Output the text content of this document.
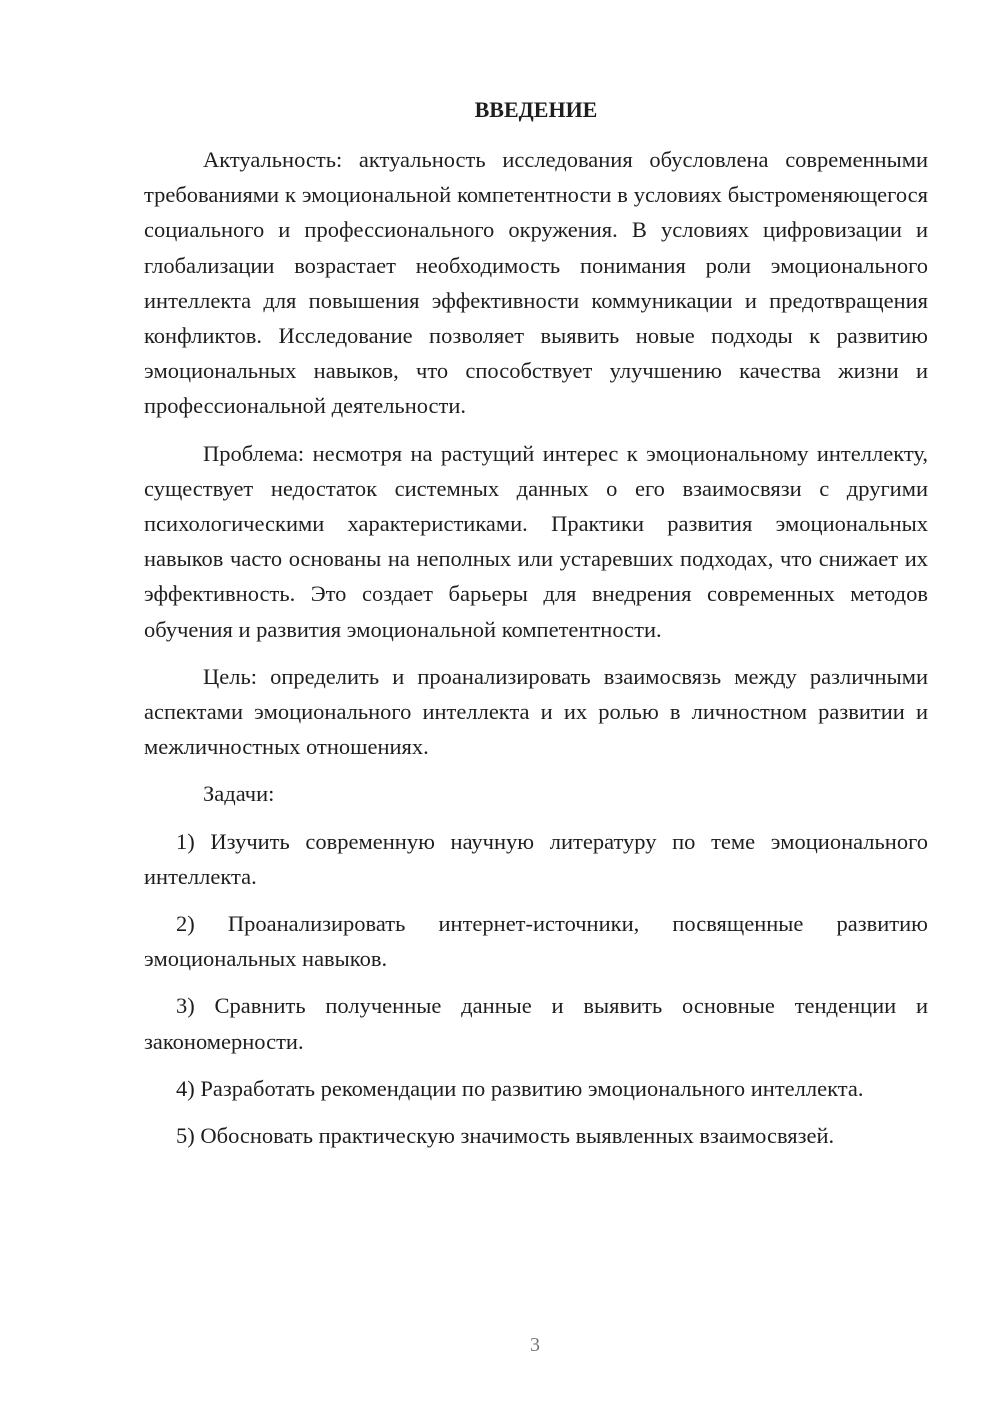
ВВЕДЕНИЕ

Актуальность: актуальность исследования обусловлена современными требованиями к эмоциональной компетентности в условиях быстроменяющегося социального и профессионального окружения. В условиях цифровизации и глобализации возрастает необходимость понимания роли эмоционального интеллекта для повышения эффективности коммуникации и предотвращения конфликтов. Исследование позволяет выявить новые подходы к развитию эмоциональных навыков, что способствует улучшению качества жизни и профессиональной деятельности.

Проблема: несмотря на растущий интерес к эмоциональному интеллекту, существует недостаток системных данных о его взаимосвязи с другими психологическими характеристиками. Практики развития эмоциональных навыков часто основаны на неполных или устаревших подходах, что снижает их эффективность. Это создает барьеры для внедрения современных методов обучения и развития эмоциональной компетентности.

Цель: определить и проанализировать взаимосвязь между различными аспектами эмоционального интеллекта и их ролью в личностном развитии и межличностных отношениях.

Задачи:

1) Изучить современную научную литературу по теме эмоционального интеллекта.

2) Проанализировать интернет-источники, посвященные развитию эмоциональных навыков.

3) Сравнить полученные данные и выявить основные тенденции и закономерности.

4) Разработать рекомендации по развитию эмоционального интеллекта.

5) Обосновать практическую значимость выявленных взаимосвязей.

3
